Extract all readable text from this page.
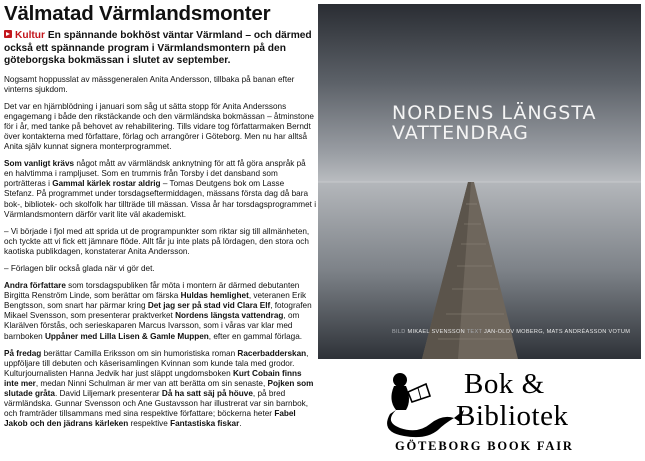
Välmatad Värmlandsmonter

Kultur En spännande bokhöst väntar Värmland – och därmed också ett spännande program i Värmlandsmontern på den göteborgska bokmässan i slutet av september.

Nogsamt hoppusslat av mässgeneralen Anita Andersson, tillbaka på banan efter vinterns sjukdom.

Det var en hjärnblödning i januari som såg ut sätta stopp för Anita Anderssons engagemang i både den rikstäckande och den värmländska bokmässan – åtminstone för i år, med tanke på behovet av rehabilitering. Tills vidare tog författarmaken Berndt över kontakterna med författare, förlag och arrangörer i Göteborg. Men nu har alltså Anita själv kunnat signera monterprogrammet.

Som vanligt krävs något mått av värmländsk anknytning för att få göra anspråk på en halvtimma i rampljuset. Som en trumrnis från Torsby i det dansband som porträtteras i Gammal kärlek rostar aldrig – Tomas Deutgens bok om Lasse Stefanz. På programmet under torsdagseftermiddagen, mässans första dag då bara bok-, bibliotek- och skolfolk har tillträde till mässan. Vissa år har torsdagsprogrammet i Värmlandsmontern därför varit lite väl akademiskt.

– Vi började i fjol med att sprida ut de programpunkter som riktar sig till allmänheten, och tyckte att vi fick ett jämnare flöde. Allt får ju inte plats på lördagen, den stora och kaotiska publikdagen, konstaterar Anita Andersson.

– Förlagen blir också glada när vi gör det.

Andra författare som torsdagspubliken får möta i montern är därmed debutanten Birgitta Renström Linde, som berättar om färska Huldas hemlighet, veteranen Erik Bengtsson, som snart har pärmar kring Det jag ser på stad vid Clara Elf, fotografen Mikael Svensson, som presenterar praktverket Nordens längsta vattendrag, om Klarälven förstås, och serieskaparen Marcus Ivarsson, som i våras var klar med barnboken Uppåner med Lilla Lisen & Gamle Muppen, efter en gammal förlaga.

På fredag berättar Camilla Eriksson om sin humoristiska roman Racerbadderskan, uppföljare till debuten och käserisamlingen Kvinnan som kunde tala med grodor. Kulturjournalisten Hanna Jedvik har just släppt ungdomsboken Kurt Cobain finns inte mer, medan Ninni Schulman är mer van att berätta om sin senaste, Pojken som slutade gråta. David Liljemark presenterar Då ha satt säj på höuve, på bred värmländska. Gunnar Svensson och Ane Gustavsson har illustrerat var sin barnbok, och framträder tillsammans med sina respektive författare; böckerna heter Fabel Jakob och den jädrans kärleken respektive Fantastiska fiskar.

NORDENS LÄNGSTA
VATTENDRAG
BILD MIKAEL SVENSSON TEXT JAN-OLOV MOBERG, MATS ANDRÉASSON VOTUM
Bok &
Bibliotek
GÖTEBORG BOOK FAIR
